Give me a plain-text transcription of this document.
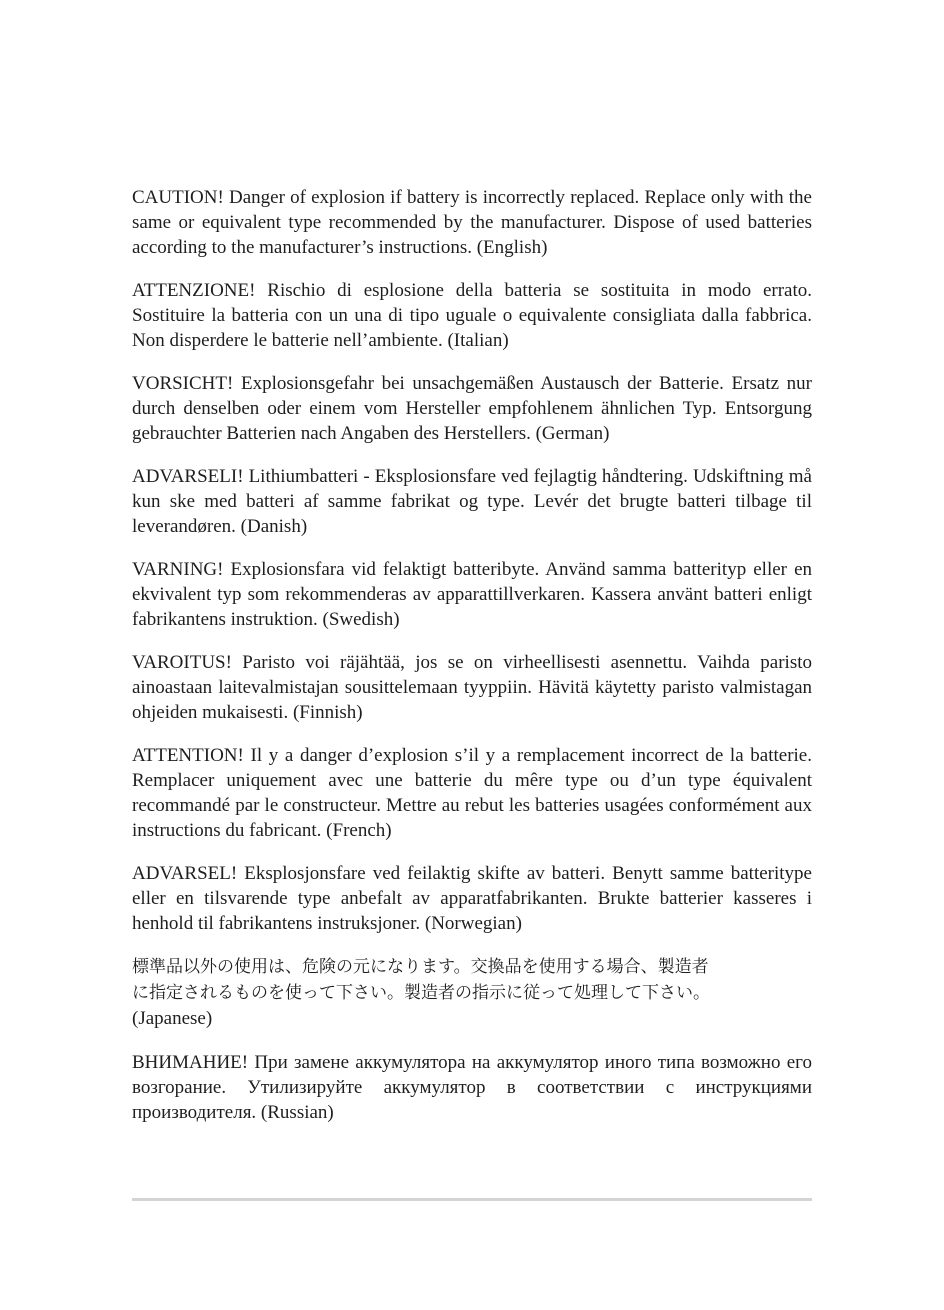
CAUTION! Danger of explosion if battery is incorrectly replaced. Replace only with the same or equivalent type recommended by the manufacturer. Dispose of used batteries according to the manufacturer’s instructions. (English)

ATTENZIONE! Rischio di esplosione della batteria se sostituita in modo errato. Sostituire la batteria con un una di tipo uguale o equivalente consigliata dalla fabbrica. Non disperdere le batterie nell’ambiente. (Italian)

VORSICHT! Explosionsgefahr bei unsachgemäßen Austausch der Batterie. Ersatz nur durch denselben oder einem vom Hersteller empfohlenem ähnlichen Typ. Entsorgung gebrauchter Batterien nach Angaben des Herstellers. (German)

ADVARSELI! Lithiumbatteri - Eksplosionsfare ved fejlagtig håndtering. Udskiftning må kun ske med batteri af samme fabrikat og type. Levér det brugte batteri tilbage til leverandøren. (Danish)

VARNING! Explosionsfara vid felaktigt batteribyte. Använd samma batterityp eller en ekvivalent typ som rekommenderas av apparattillverkaren. Kassera använt batteri enligt fabrikantens instruktion. (Swedish)

VAROITUS! Paristo voi räjähtää, jos se on virheellisesti asennettu. Vaihda paristo ainoastaan laitevalmistajan sousittelemaan tyyppiin. Hävitä käytetty paristo valmistagan ohjeiden mukaisesti. (Finnish)

ATTENTION! Il y a danger d’explosion s’il y a remplacement incorrect de la batterie. Remplacer uniquement avec une batterie du mêre type ou d’un type équivalent recommandé par le constructeur. Mettre au rebut les batteries usagées conformément aux instructions du fabricant. (French)

ADVARSEL! Eksplosjonsfare ved feilaktig skifte av batteri. Benytt samme batteritype eller en tilsvarende type anbefalt av apparatfabrikanten. Brukte batterier kasseres i henhold til fabrikantens instruksjoner. (Norwegian)

標準品以外の使用は、危険の元になります。交換品を使用する場合、製造者
に指定されるものを使って下さい。製造者の指示に従って処理して下さい。
(Japanese)

ВНИМАНИЕ! При замене аккумулятора на аккумулятор иного типа возможно его возгорание. Утилизируйте аккумулятор в соответствии с инструкциями производителя. (Russian)
